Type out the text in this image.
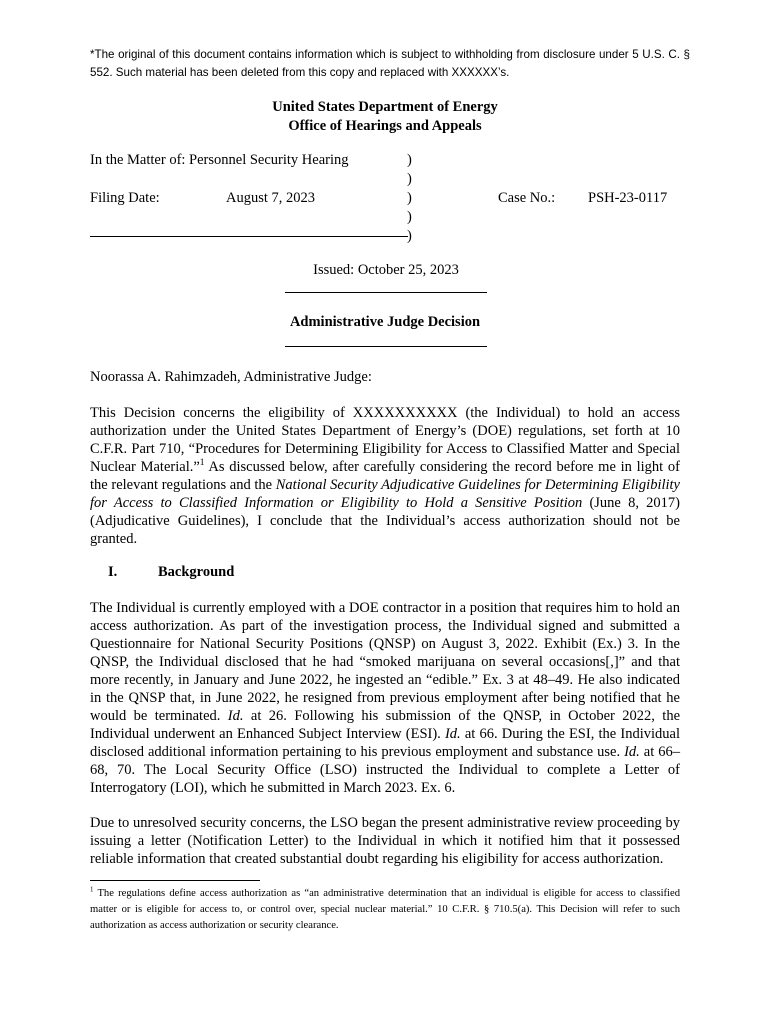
*The original of this document contains information which is subject to withholding from disclosure under 5 U.S. C. § 552. Such material has been deleted from this copy and replaced with XXXXXX’s.
United States Department of Energy
Office of Hearings and Appeals
In the Matter of: Personnel Security Hearing
Filing Date:	August 7, 2023	Case No.: PSH-23-0117
)
)
)
)
)
Issued: October 25, 2023
Administrative Judge Decision
Noorassa A. Rahimzadeh, Administrative Judge:
This Decision concerns the eligibility of XXXXXXXXXX (the Individual) to hold an access authorization under the United States Department of Energy’s (DOE) regulations, set forth at 10 C.F.R. Part 710, “Procedures for Determining Eligibility for Access to Classified Matter and Special Nuclear Material.”$^1$ As discussed below, after carefully considering the record before me in light of the relevant regulations and the National Security Adjudicative Guidelines for Determining Eligibility for Access to Classified Information or Eligibility to Hold a Sensitive Position (June 8, 2017) (Adjudicative Guidelines), I conclude that the Individual’s access authorization should not be granted.
I.	Background
The Individual is currently employed with a DOE contractor in a position that requires him to hold an access authorization. As part of the investigation process, the Individual signed and submitted a Questionnaire for National Security Positions (QNSP) on August 3, 2022. Exhibit (Ex.) 3. In the QNSP, the Individual disclosed that he had “smoked marijuana on several occasions[,]” and that more recently, in January and June 2022, he ingested an “edible.” Ex. 3 at 48–49. He also indicated in the QNSP that, in June 2022, he resigned from previous employment after being notified that he would be terminated. Id. at 26. Following his submission of the QNSP, in October 2022, the Individual underwent an Enhanced Subject Interview (ESI). Id. at 66. During the ESI, the Individual disclosed additional information pertaining to his previous employment and substance use. Id. at 66–68, 70. The Local Security Office (LSO) instructed the Individual to complete a Letter of Interrogatory (LOI), which he submitted in March 2023. Ex. 6.
Due to unresolved security concerns, the LSO began the present administrative review proceeding by issuing a letter (Notification Letter) to the Individual in which it notified him that it possessed reliable information that created substantial doubt regarding his eligibility for access authorization.
$^1$ The regulations define access authorization as “an administrative determination that an individual is eligible for access to classified matter or is eligible for access to, or control over, special nuclear material.” 10 C.F.R. § 710.5(a). This Decision will refer to such authorization as access authorization or security clearance.
